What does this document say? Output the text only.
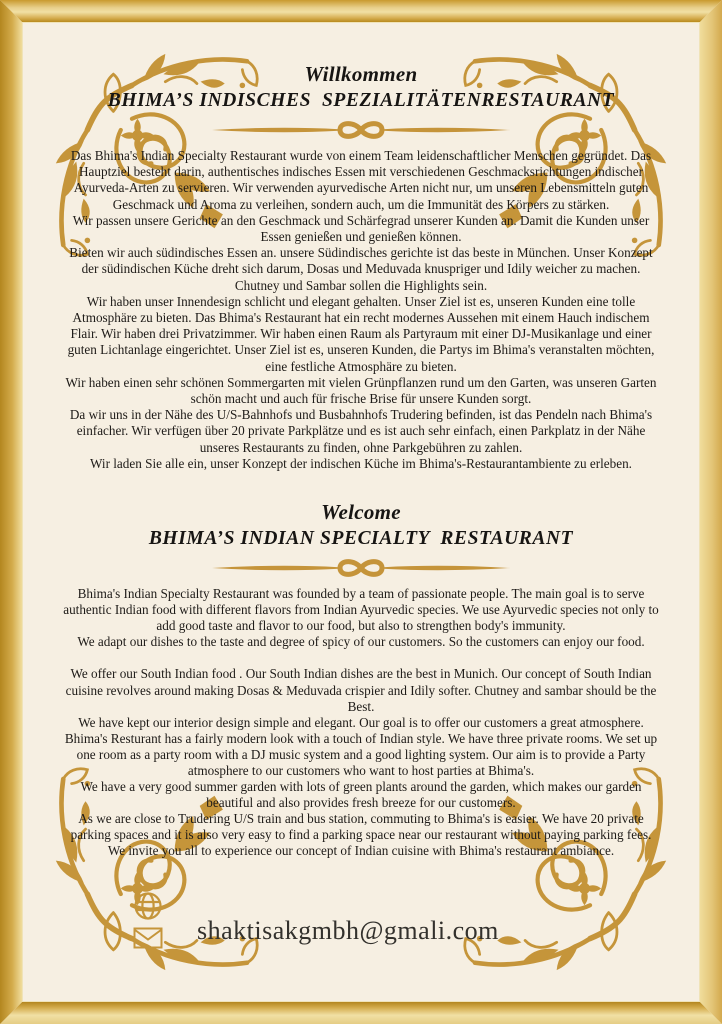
Willkommen
BHIMA’S INDISCHES  SPEZIALITÄTENRESTAURANT

Das Bhima's Indian Specialty Restaurant wurde von einem Team leidenschaftlicher Menschen gegründet. Das Hauptziel besteht darin, authentisches indisches Essen mit verschiedenen Geschmacksrichtungen indischer Ayurveda-Arten zu servieren. Wir verwenden ayurvedische Arten nicht nur, um unseren Lebensmitteln guten Geschmack und Aroma zu verleihen, sondern auch, um die Immunität des Körpers zu stärken.

Wir passen unsere Gerichte an den Geschmack und Schärfegrad unserer Kunden an. Damit die Kunden unser Essen genießen und genießen können.

Bieten wir auch südindisches Essen an. unsere Südindisches gerichte ist das beste in München. Unser Konzept der südindischen Küche dreht sich darum, Dosas und Meduvada knuspriger und Idily weicher zu machen. Chutney und Sambar sollen die Highlights sein.

Wir haben unser Innendesign schlicht und elegant gehalten. Unser Ziel ist es, unseren Kunden eine tolle Atmosphäre zu bieten. Das Bhima's Restaurant hat ein recht modernes Aussehen mit einem Hauch indischem Flair. Wir haben drei Privatzimmer. Wir haben einen Raum als Partyraum mit einer DJ-Musikanlage und einer guten Lichtanlage eingerichtet. Unser Ziel ist es, unseren Kunden, die Partys im Bhima's veranstalten möchten, eine festliche Atmosphäre zu bieten.

Wir haben einen sehr schönen Sommergarten mit vielen Grünpflanzen rund um den Garten, was unseren Garten schön macht und auch für frische Brise für unsere Kunden sorgt.

Da wir uns in der Nähe des U/S-Bahnhofs und Busbahnhofs Trudering befinden, ist das Pendeln nach Bhima's einfacher. Wir verfügen über 20 private Parkplätze und es ist auch sehr einfach, einen Parkplatz in der Nähe unseres Restaurants zu finden, ohne Parkgebühren zu zahlen.

Wir laden Sie alle ein, unser Konzept der indischen Küche im Bhima's-Restaurantambiente zu erleben.

Welcome
BHIMA’S INDIAN SPECIALTY  RESTAURANT

Bhima's Indian Specialty Restaurant was founded by a team of passionate people. The main goal is to serve authentic Indian food with different flavors from Indian Ayurvedic species. We use Ayurvedic species not only to add good taste and flavor to our food, but also to strengthen body's immunity.

We adapt our dishes to the taste and degree of spicy of our customers. So the customers can enjoy our food.

We offer our South Indian food . Our South Indian dishes are the best in Munich. Our concept of South Indian cuisine revolves around making Dosas & Meduvada crispier and Idily softer. Chutney and sambar should be the Best.

We have kept our interior design simple and elegant. Our goal is to offer our customers a great atmosphere. Bhima's Resturant has a fairly modern look with a touch of Indian style. We have three private rooms. We set up one room as a party room with a DJ music system and a good lighting system. Our aim is to provide a Party atmosphere to our customers who want to host parties at Bhima's.

We have a very good summer garden with lots of green plants around the garden, which makes our garden beautiful and also provides fresh breeze for our customers.

As we are close to Trudering U/S train and bus station, commuting to Bhima's is easier. We have 20 private parking spaces and it is also very easy to find a parking space near our restaurant without paying parking fees.

We invite you all to experience our concept of Indian cuisine with Bhima's restaurant ambiance.

shaktisakgmbh@gmali.com
